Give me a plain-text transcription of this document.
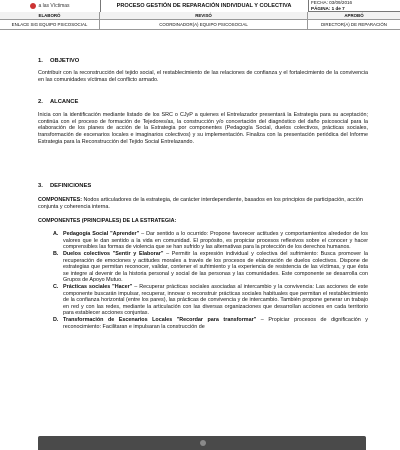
a las Víctimas	PROCESO GESTIÓN DE REPARACIÓN INDIVIDUAL Y COLECTIVA
FECHA: 03/09/2016
PÁGINA: 1 de 7
ELABORÓ
ENLACE SIG EQUIPO PSICOSOCIAL
REVISÓ
COORDINADOR(A) EQUIPO PSICOSOCIAL
APROBÓ
DIRECTOR(A) DE REPARACIÓN
1. OBJETIVO
Contribuir con la reconstrucción del tejido social, el restablecimiento de las relaciones de confianza y el fortalecimiento de la convivencia en las comunidades víctimas del conflicto armado.
2. ALCANCE
Inicia con la identificación mediante listado de los SRC o CJyP a quienes el Entrelazador presentará la Estrategia para su aceptación; continúa con el proceso de formación de Tejedores/as, la construcción y/o concertación del diagnóstico del daño psicosocial para la elaboración de los planes de acción de la Estrategia por componentes (Pedagogía Social, duelos colectivos, prácticas sociales, transformación de escenarios locales e imaginarios colectivos) y su implementación. Finaliza con la presentación periódica del Informe Estrategia para la Reconstrucción del Tejido Social Entrelazando.
3. DEFINICIONES
COMPONENTES: Nodos articuladores de la estrategia, de carácter interdependiente, basados en los principios de participación, acción conjunta y coherencia interna.
COMPONENTES (PRINCIPALES) DE LA ESTRATEGIA:
A. Pedagogía Social "Aprender" – Dar sentido a lo ocurrido: Propone favorecer actitudes y comportamientos alrededor de los valores que le dan sentido a la vida en comunidad. El propósito, es propiciar procesos reflexivos sobre el conocer y hacer comprensibles las formas de violencia que se han sufrido y las alternativas para la protección de los derechos humanos.
B. Duelos colectivos "Sentir y Elaborar" – Permitir la expresión individual y colectiva del sufrimiento: Busca promover la recuperación de emociones y actitudes morales a través de los procesos de elaboración de duelos colectivos. Dispone de estrategias que permitan reconocer, validar, contener el sufrimiento y la experiencia de resistencia de las víctimas, y que ésta se integre al devenir de la historia personal y social de las personas y las comunidades. Este componente se desarrolla con Grupos de Apoyo Mutuo.
C. Prácticas sociales "Hacer" – Recuperar prácticas sociales asociadas al intercambio y la convivencia: Las acciones de este componente buscarán impulsar, recuperar, innovar o reconstruir prácticas sociales habituales que permitan el restablecimiento de la confianza horizontal (entre los pares), las prácticas de convivencia y de intercambio. También propone generar un trabajo en red y con las redes, mediante la articulación con las diversas organizaciones que desarrollan acciones en cada territorio para establecer acciones conjuntas.
D. Transformación de Escenarios Locales "Recordar para transformar" – Propiciar procesos de dignificación y reconocimiento: Facilitaran e impulsaran la construcción de
